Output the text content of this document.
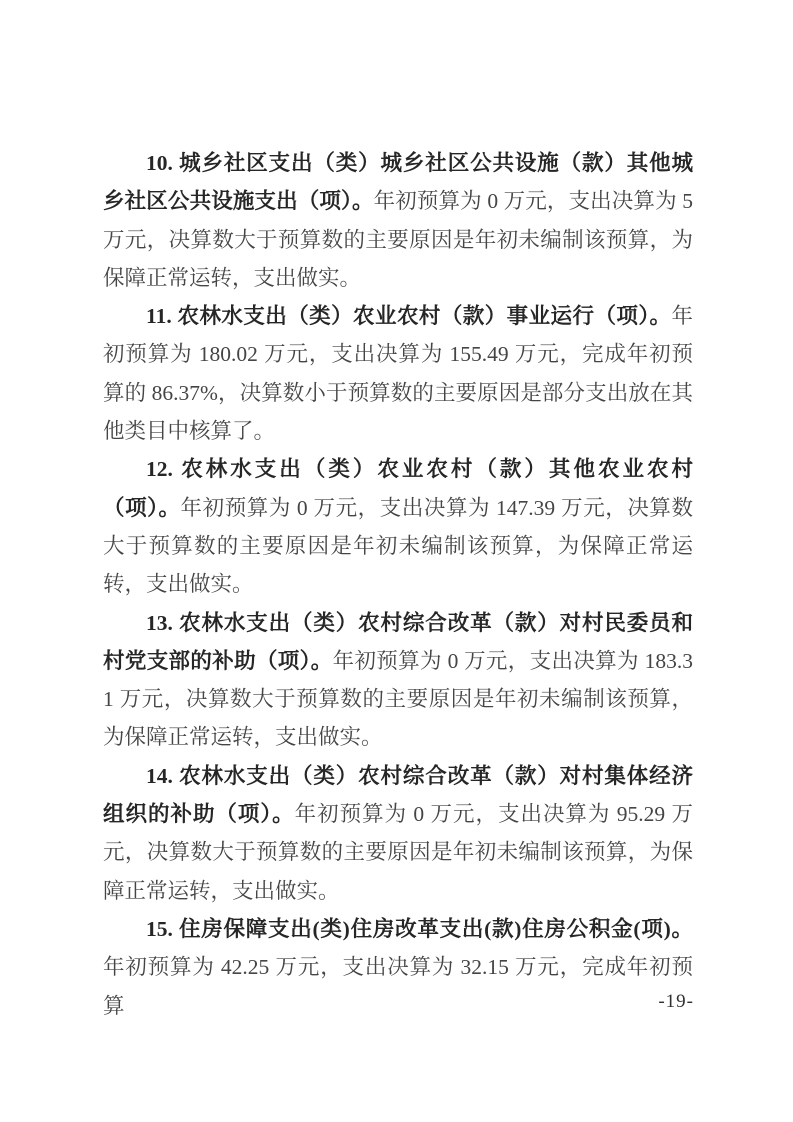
10. 城乡社区支出（类）城乡社区公共设施（款）其他城乡社区公共设施支出（项）。年初预算为 0 万元，支出决算为 5 万元，决算数大于预算数的主要原因是年初未编制该预算，为保障正常运转，支出做实。

11. 农林水支出（类）农业农村（款）事业运行（项）。年初预算为 180.02 万元，支出决算为 155.49 万元，完成年初预算的 86.37%，决算数小于预算数的主要原因是部分支出放在其他类目中核算了。

12. 农林水支出（类）农业农村（款）其他农业农村（项）。年初预算为 0 万元，支出决算为 147.39 万元，决算数大于预算数的主要原因是年初未编制该预算，为保障正常运转，支出做实。

13. 农林水支出（类）农村综合改革（款）对村民委员和村党支部的补助（项）。年初预算为 0 万元，支出决算为 183.31 万元，决算数大于预算数的主要原因是年初未编制该预算，为保障正常运转，支出做实。

14. 农林水支出（类）农村综合改革（款）对村集体经济组织的补助（项）。年初预算为 0 万元，支出决算为 95.29 万元，决算数大于预算数的主要原因是年初未编制该预算，为保障正常运转，支出做实。

15. 住房保障支出(类)住房改革支出(款)住房公积金(项)。年初预算为 42.25 万元，支出决算为 32.15 万元，完成年初预算	-19-
